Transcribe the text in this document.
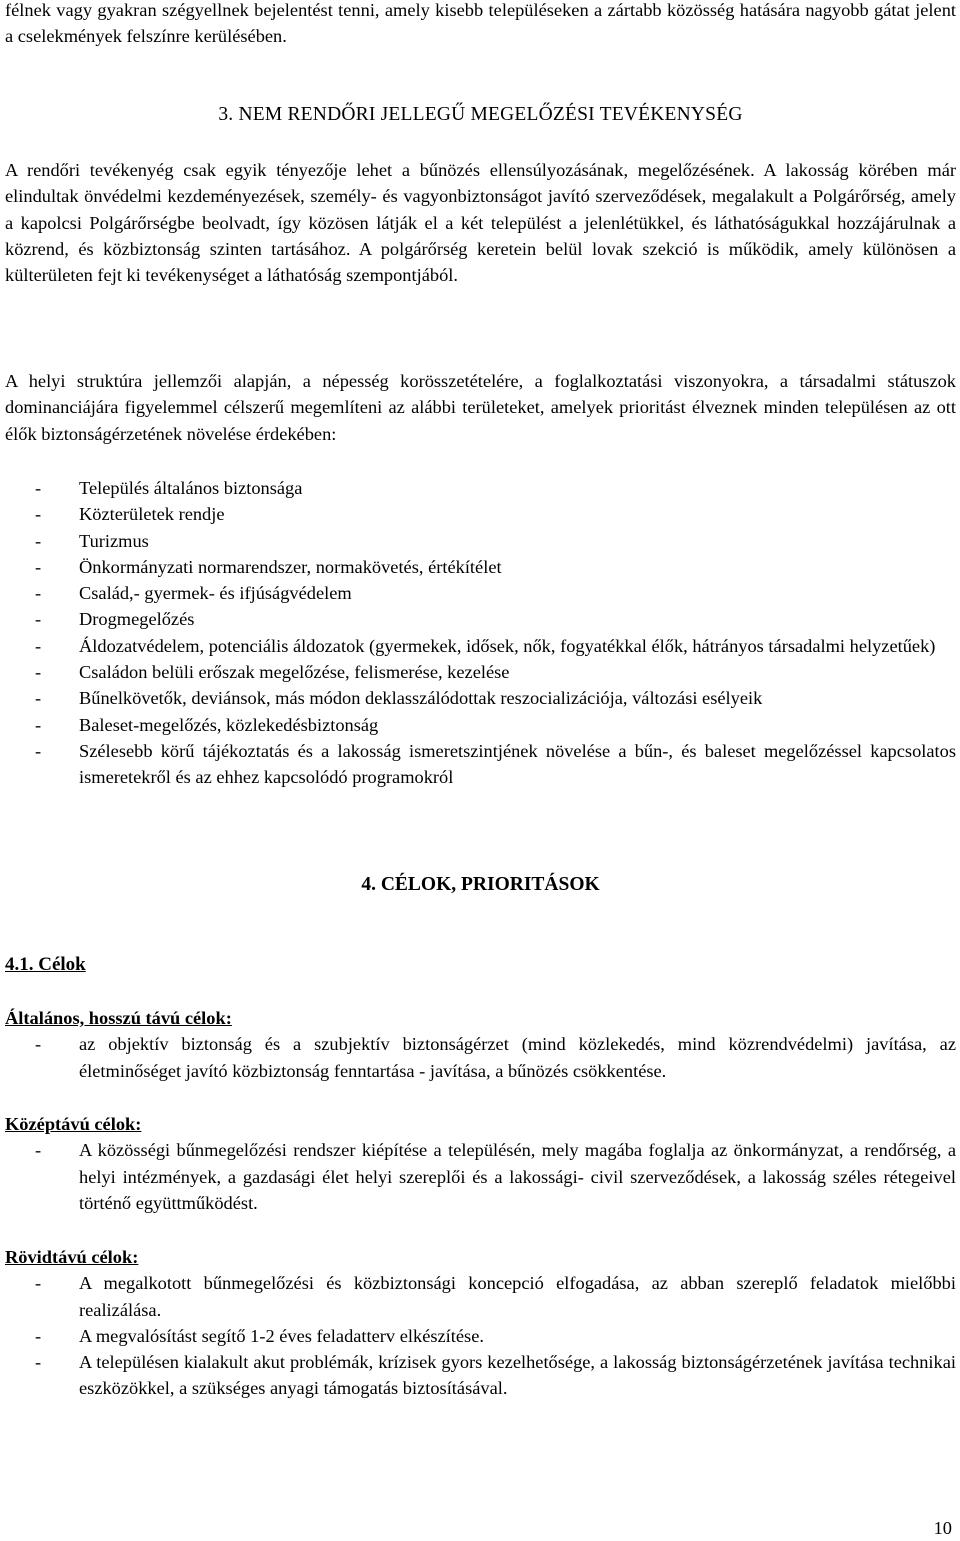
félnek vagy gyakran szégyellnek bejelentést tenni, amely kisebb településeken a zártabb közösség hatására nagyobb gátat jelent a cselekmények felszínre kerülésében.

3. NEM RENDŐRI JELLEGŰ MEGELŐZÉSI TEVÉKENYSÉG

A rendőri tevékenyég csak egyik tényezője lehet a bűnözés ellensúlyozásának, megelőzésének. A lakosság körében már elindultak önvédelmi kezdeményezések, személy- és vagyonbiztonságot javító szerveződések, megalakult a Polgárőrség, amely a kapolcsi Polgárőrségbe beolvadt, így közösen látják el a két települést a jelenlétükkel, és láthatóságukkal hozzájárulnak a közrend, és közbiztonság szinten tartásához. A polgárőrség keretein belül lovak szekció is működik, amely különösen a külterületen fejt ki tevékenységet a láthatóság szempontjából.

A helyi struktúra jellemzői alapján, a népesség korösszetételére, a foglalkoztatási viszonyokra, a társadalmi státuszok dominanciájára figyelemmel célszerű megemlíteni az alábbi területeket, amelyek prioritást élveznek minden településen az ott élők biztonságérzetének növelése érdekében:

- Település általános biztonsága
- Közterületek rendje
- Turizmus
- Önkormányzati normarendszer, normakövetés, értékítélet
- Család,- gyermek- és ifjúságvédelem
- Drogmegelőzés
- Áldozatvédelem, potenciális áldozatok (gyermekek, idősek, nők, fogyatékkal élők, hátrányos társadalmi helyzetűek)
- Családon belüli erőszak megelőzése, felismerése, kezelése
- Bűnelkövetők, deviánsok, más módon deklasszálódottak reszocializációja, változási esélyeik
- Baleset-megelőzés, közlekedésbiztonság
- Szélesebb körű tájékoztatás és a lakosság ismeretszintjének növelése a bűn-, és baleset megelőzéssel kapcsolatos ismeretekről és az ehhez kapcsolódó programokról
4. CÉLOK, PRIORITÁSOK
4.1. Célok
Általános, hosszú távú célok:
- az objektív biztonság és a szubjektív biztonságérzet (mind közlekedés, mind közrendvédelmi) javítása, az életminőséget javító közbiztonság fenntartása - javítása, a bűnözés csökkentése.
Középtávú célok:
- A közösségi bűnmegelőzési rendszer kiépítése a településén, mely magába foglalja az önkormányzat, a rendőrség, a helyi intézmények, a gazdasági élet helyi szereplői és a lakossági- civil szerveződések, a lakosság széles rétegeivel történő együttműködést.
Rövidtávú célok:
- A megalkotott bűnmegelőzési és közbiztonsági koncepció elfogadása, az abban szereplő feladatok mielőbbi realizálása.
- A megvalósítást segítő 1-2 éves feladatterv elkészítése.
- A településen kialakult akut problémák, krízisek gyors kezelhetősége, a lakosság biztonságérzetének javítása technikai eszközökkel, a szükséges anyagi támogatás biztosításával.
10
